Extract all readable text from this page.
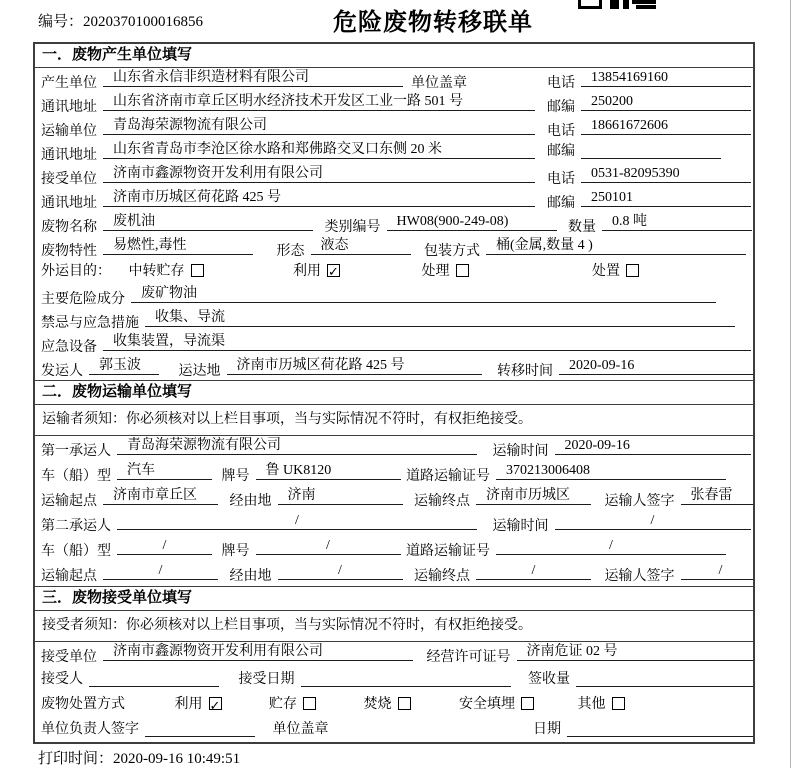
编号：2020370100016856	危险废物转移联单
一．废物产生单位填写
产生单位 山东省永信非织造材料有限公司	单位盖章	电话 13854169160
通讯地址 山东省济南市章丘区明水经济技术开发区工业一路 501 号	邮编 250200
运输单位 青岛海荣源物流有限公司	电话 18661672606
通讯地址 山东省青岛市李沧区徐水路和郑佛路交叉口东侧 20 米	邮编
接受单位 济南市鑫源物资开发利用有限公司	电话 0531-82095390
通讯地址 济南市历城区荷花路 425 号	邮编 250101
废物名称 废机油	类别编号 HW08(900-249-08)	数量 0.8 吨
废物特性 易燃性,毒性	形态 液态	包装方式 桶(金属,数量 4 )
外运目的： 中转贮存	利用 ✓	处理	处置
主要危险成分 废矿物油
禁忌与应急措施 收集、导流
应急设备 收集装置，导流渠
发运人 郭玉波	运达地 济南市历城区荷花路 425 号	转移时间 2020-09-16
二．废物运输单位填写
运输者须知：你必须核对以上栏目事项，当与实际情况不符时，有权拒绝接受。
第一承运人 青岛海荣源物流有限公司	运输时间 2020-09-16
车（船）型 汽车	牌号 鲁 UK8120	道路运输证号 370213006408
运输起点 济南市章丘区 经由地 济南	运输终点 济南市历城区 运输人签字 张春雷
第二承运人	/	运输时间	/
车（船）型	/	牌号	/	道路运输证号	/
运输起点	/	经由地	/	运输终点	/	运输人签字	/
三．废物接受单位填写
接受者须知：你必须核对以上栏目事项，当与实际情况不符时，有权拒绝接受。
接受单位 济南市鑫源物资开发利用有限公司	经营许可证号 济南危证 02 号
接受人	接受日期	签收量
废物处置方式	利用 ✓	贮存	焚烧	安全填埋	其他
单位负责人签字	单位盖章	日期
打印时间：2020-09-16 10:49:51
